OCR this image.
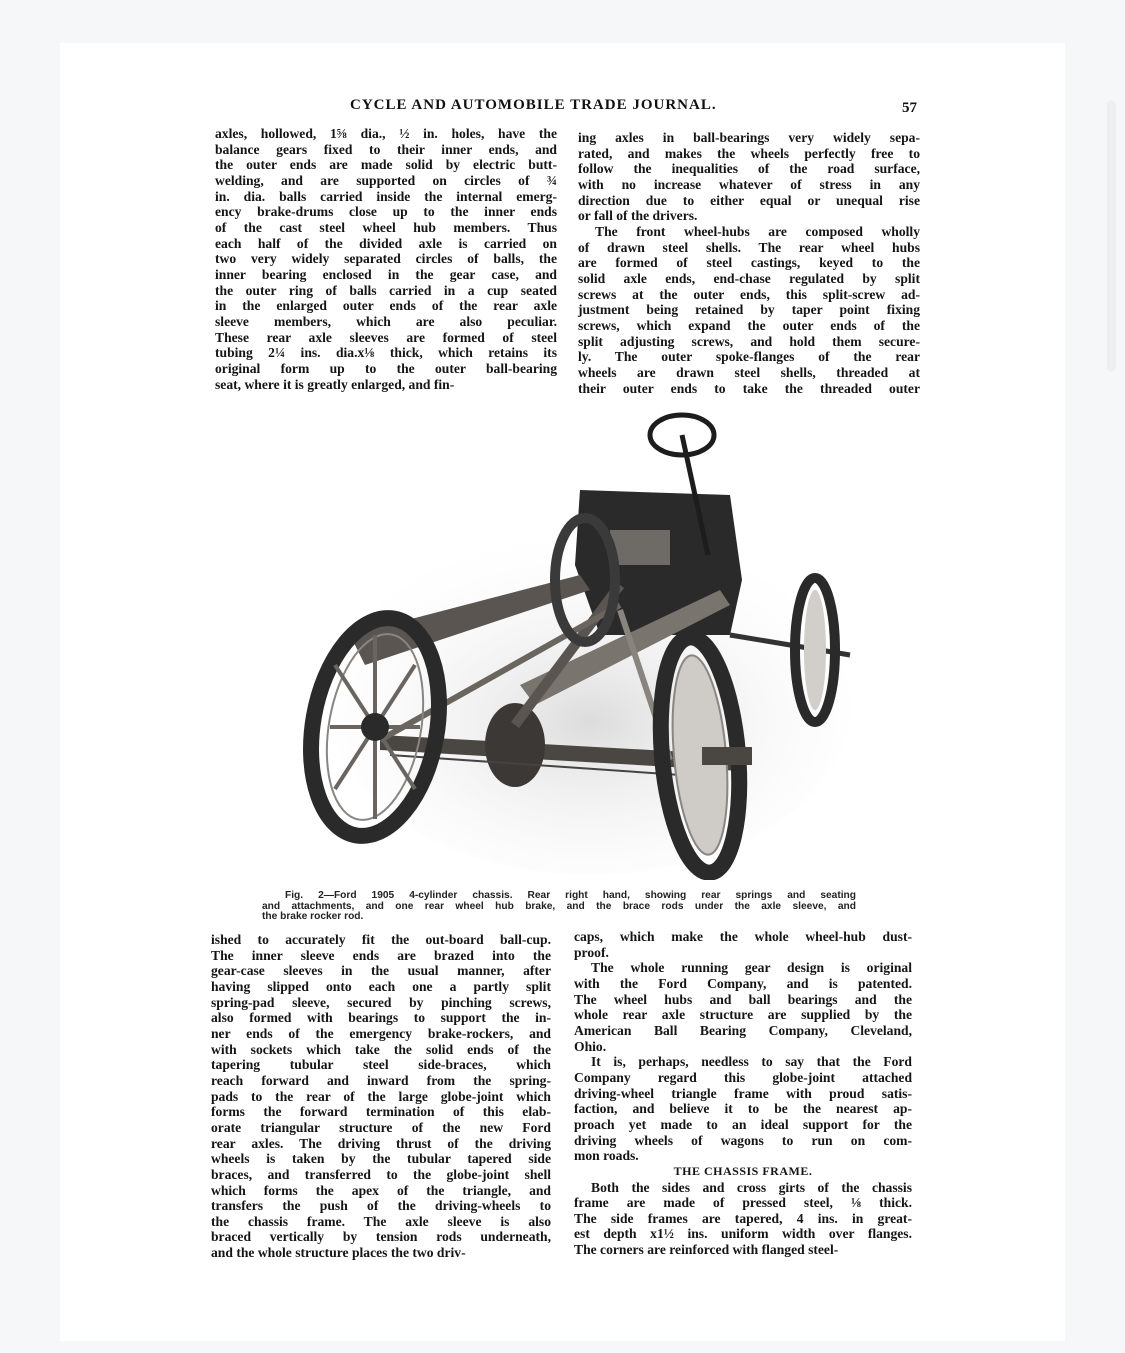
CYCLE AND AUTOMOBILE TRADE JOURNAL.	57
axles, hollowed, 1⅝ dia., ½ in. holes, have the
balance gears fixed to their inner ends, and
the outer ends are made solid by electric butt-
welding, and are supported on circles of ¾
in. dia. balls carried inside the internal emerg-
ency brake-drums close up to the inner ends
of the cast steel wheel hub members. Thus
each half of the divided axle is carried on
two very widely separated circles of balls, the
inner bearing enclosed in the gear case, and
the outer ring of balls carried in a cup seated
in the enlarged outer ends of the rear axle
sleeve members, which are also peculiar.
These rear axle sleeves are formed of steel
tubing 2¼ ins. dia.x⅛ thick, which retains its
original form up to the outer ball-bearing
seat, where it is greatly enlarged, and fin-
ing axles in ball-bearings very widely sepa-
rated, and makes the wheels perfectly free to
follow the inequalities of the road surface,
with no increase whatever of stress in any
direction due to either equal or unequal rise
or fall of the drivers.
The front wheel-hubs are composed wholly
of drawn steel shells. The rear wheel hubs
are formed of steel castings, keyed to the
solid axle ends, end-chase regulated by split
screws at the outer ends, this split-screw ad-
justment being retained by taper point fixing
screws, which expand the outer ends of the
split adjusting screws, and hold them secure-
ly. The outer spoke-flanges of the rear
wheels are drawn steel shells, threaded at
their outer ends to take the threaded outer
Fig. 2—Ford 1905 4-cylinder chassis. Rear right hand, showing rear springs and seating
and attachments, and one rear wheel hub brake, and the brace rods under the axle sleeve, and
the brake rocker rod.
ished to accurately fit the out-board ball-cup.
The inner sleeve ends are brazed into the
gear-case sleeves in the usual manner, after
having slipped onto each one a partly split
spring-pad sleeve, secured by pinching screws,
also formed with bearings to support the in-
ner ends of the emergency brake-rockers, and
with sockets which take the solid ends of the
tapering tubular steel side-braces, which
reach forward and inward from the spring-
pads to the rear of the large globe-joint which
forms the forward termination of this elab-
orate triangular structure of the new Ford
rear axles. The driving thrust of the driving
wheels is taken by the tubular tapered side
braces, and transferred to the globe-joint shell
which forms the apex of the triangle, and
transfers the push of the driving-wheels to
the chassis frame. The axle sleeve is also
braced vertically by tension rods underneath,
and the whole structure places the two driv-
caps, which make the whole wheel-hub dust-
proof.
The whole running gear design is original
with the Ford Company, and is patented.
The wheel hubs and ball bearings and the
whole rear axle structure are supplied by the
American Ball Bearing Company, Cleveland,
Ohio.
It is, perhaps, needless to say that the Ford
Company regard this globe-joint attached
driving-wheel triangle frame with proud satis-
faction, and believe it to be the nearest ap-
proach yet made to an ideal support for the
driving wheels of wagons to run on com-
mon roads.
THE CHASSIS FRAME.
Both the sides and cross girts of the chassis
frame are made of pressed steel, ⅛ thick.
The side frames are tapered, 4 ins. in great-
est depth x1½ ins. uniform width over flanges.
The corners are reinforced with flanged steel-
